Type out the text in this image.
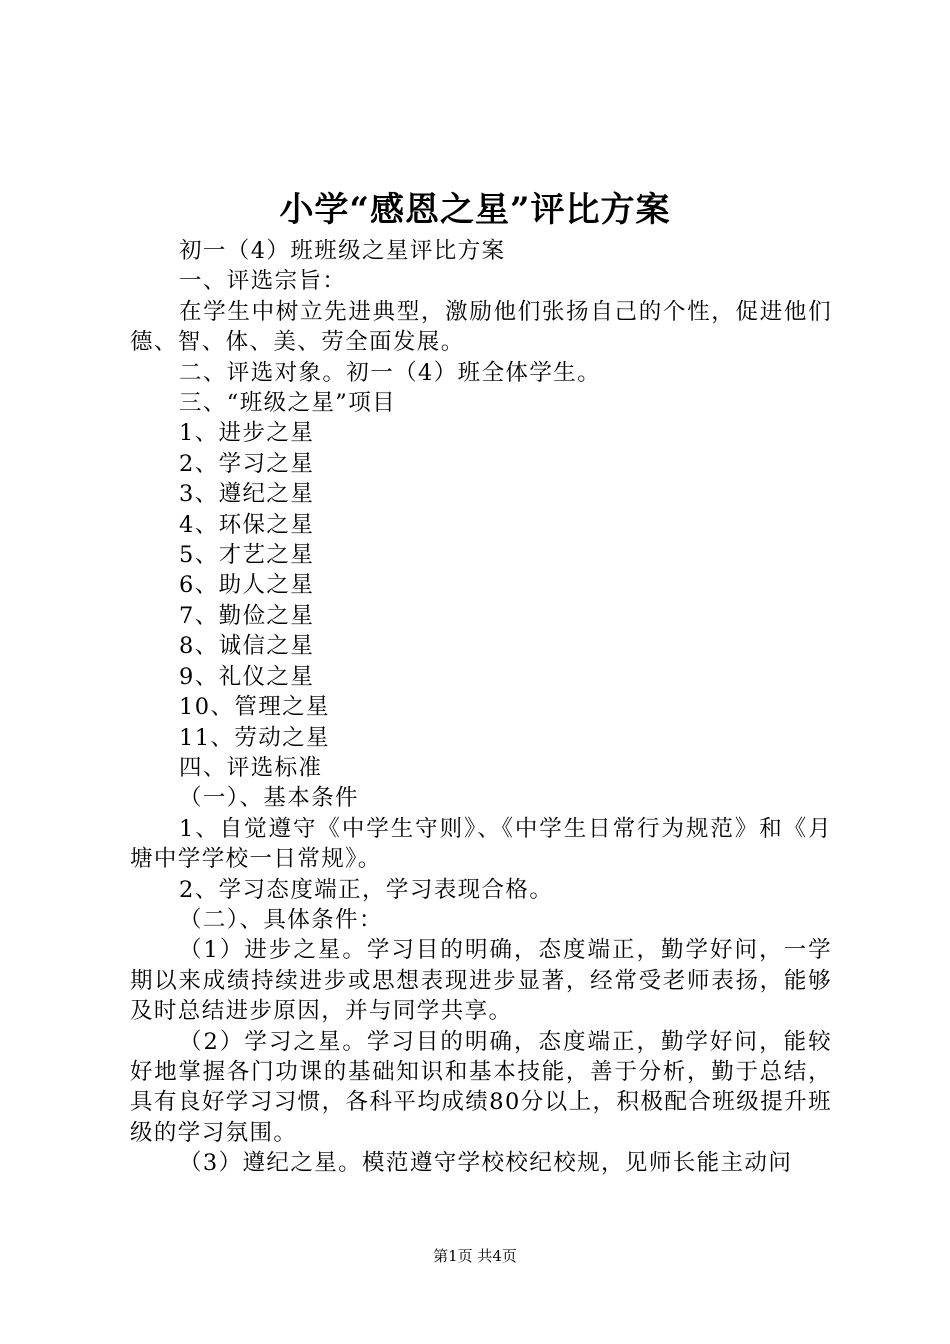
小学“感恩之星”评比方案

初一（4）班班级之星评比方案

一、评选宗旨：

在学生中树立先进典型，激励他们张扬自己的个性，促进他们德、智、体、美、劳全面发展。

二、评选对象。初一（4）班全体学生。

三、“班级之星”项目

1、进步之星

2、学习之星

3、遵纪之星

4、环保之星

5、才艺之星

6、助人之星

7、勤俭之星

8、诚信之星

9、礼仪之星

10、管理之星

11、劳动之星

四、评选标准

（一）、基本条件

1、自觉遵守《中学生守则》、《中学生日常行为规范》和《月塘中学学校一日常规》。

2、学习态度端正，学习表现合格。

（二）、具体条件：

（1）进步之星。学习目的明确，态度端正，勤学好问，一学期以来成绩持续进步或思想表现进步显著，经常受老师表扬，能够及时总结进步原因，并与同学共享。

（2）学习之星。学习目的明确，态度端正，勤学好问，能较好地掌握各门功课的基础知识和基本技能，善于分析，勤于总结，具有良好学习习惯，各科平均成绩80分以上，积极配合班级提升班级的学习氛围。

（3）遵纪之星。模范遵守学校校纪校规，见师长能主动问

第1页 共4页
